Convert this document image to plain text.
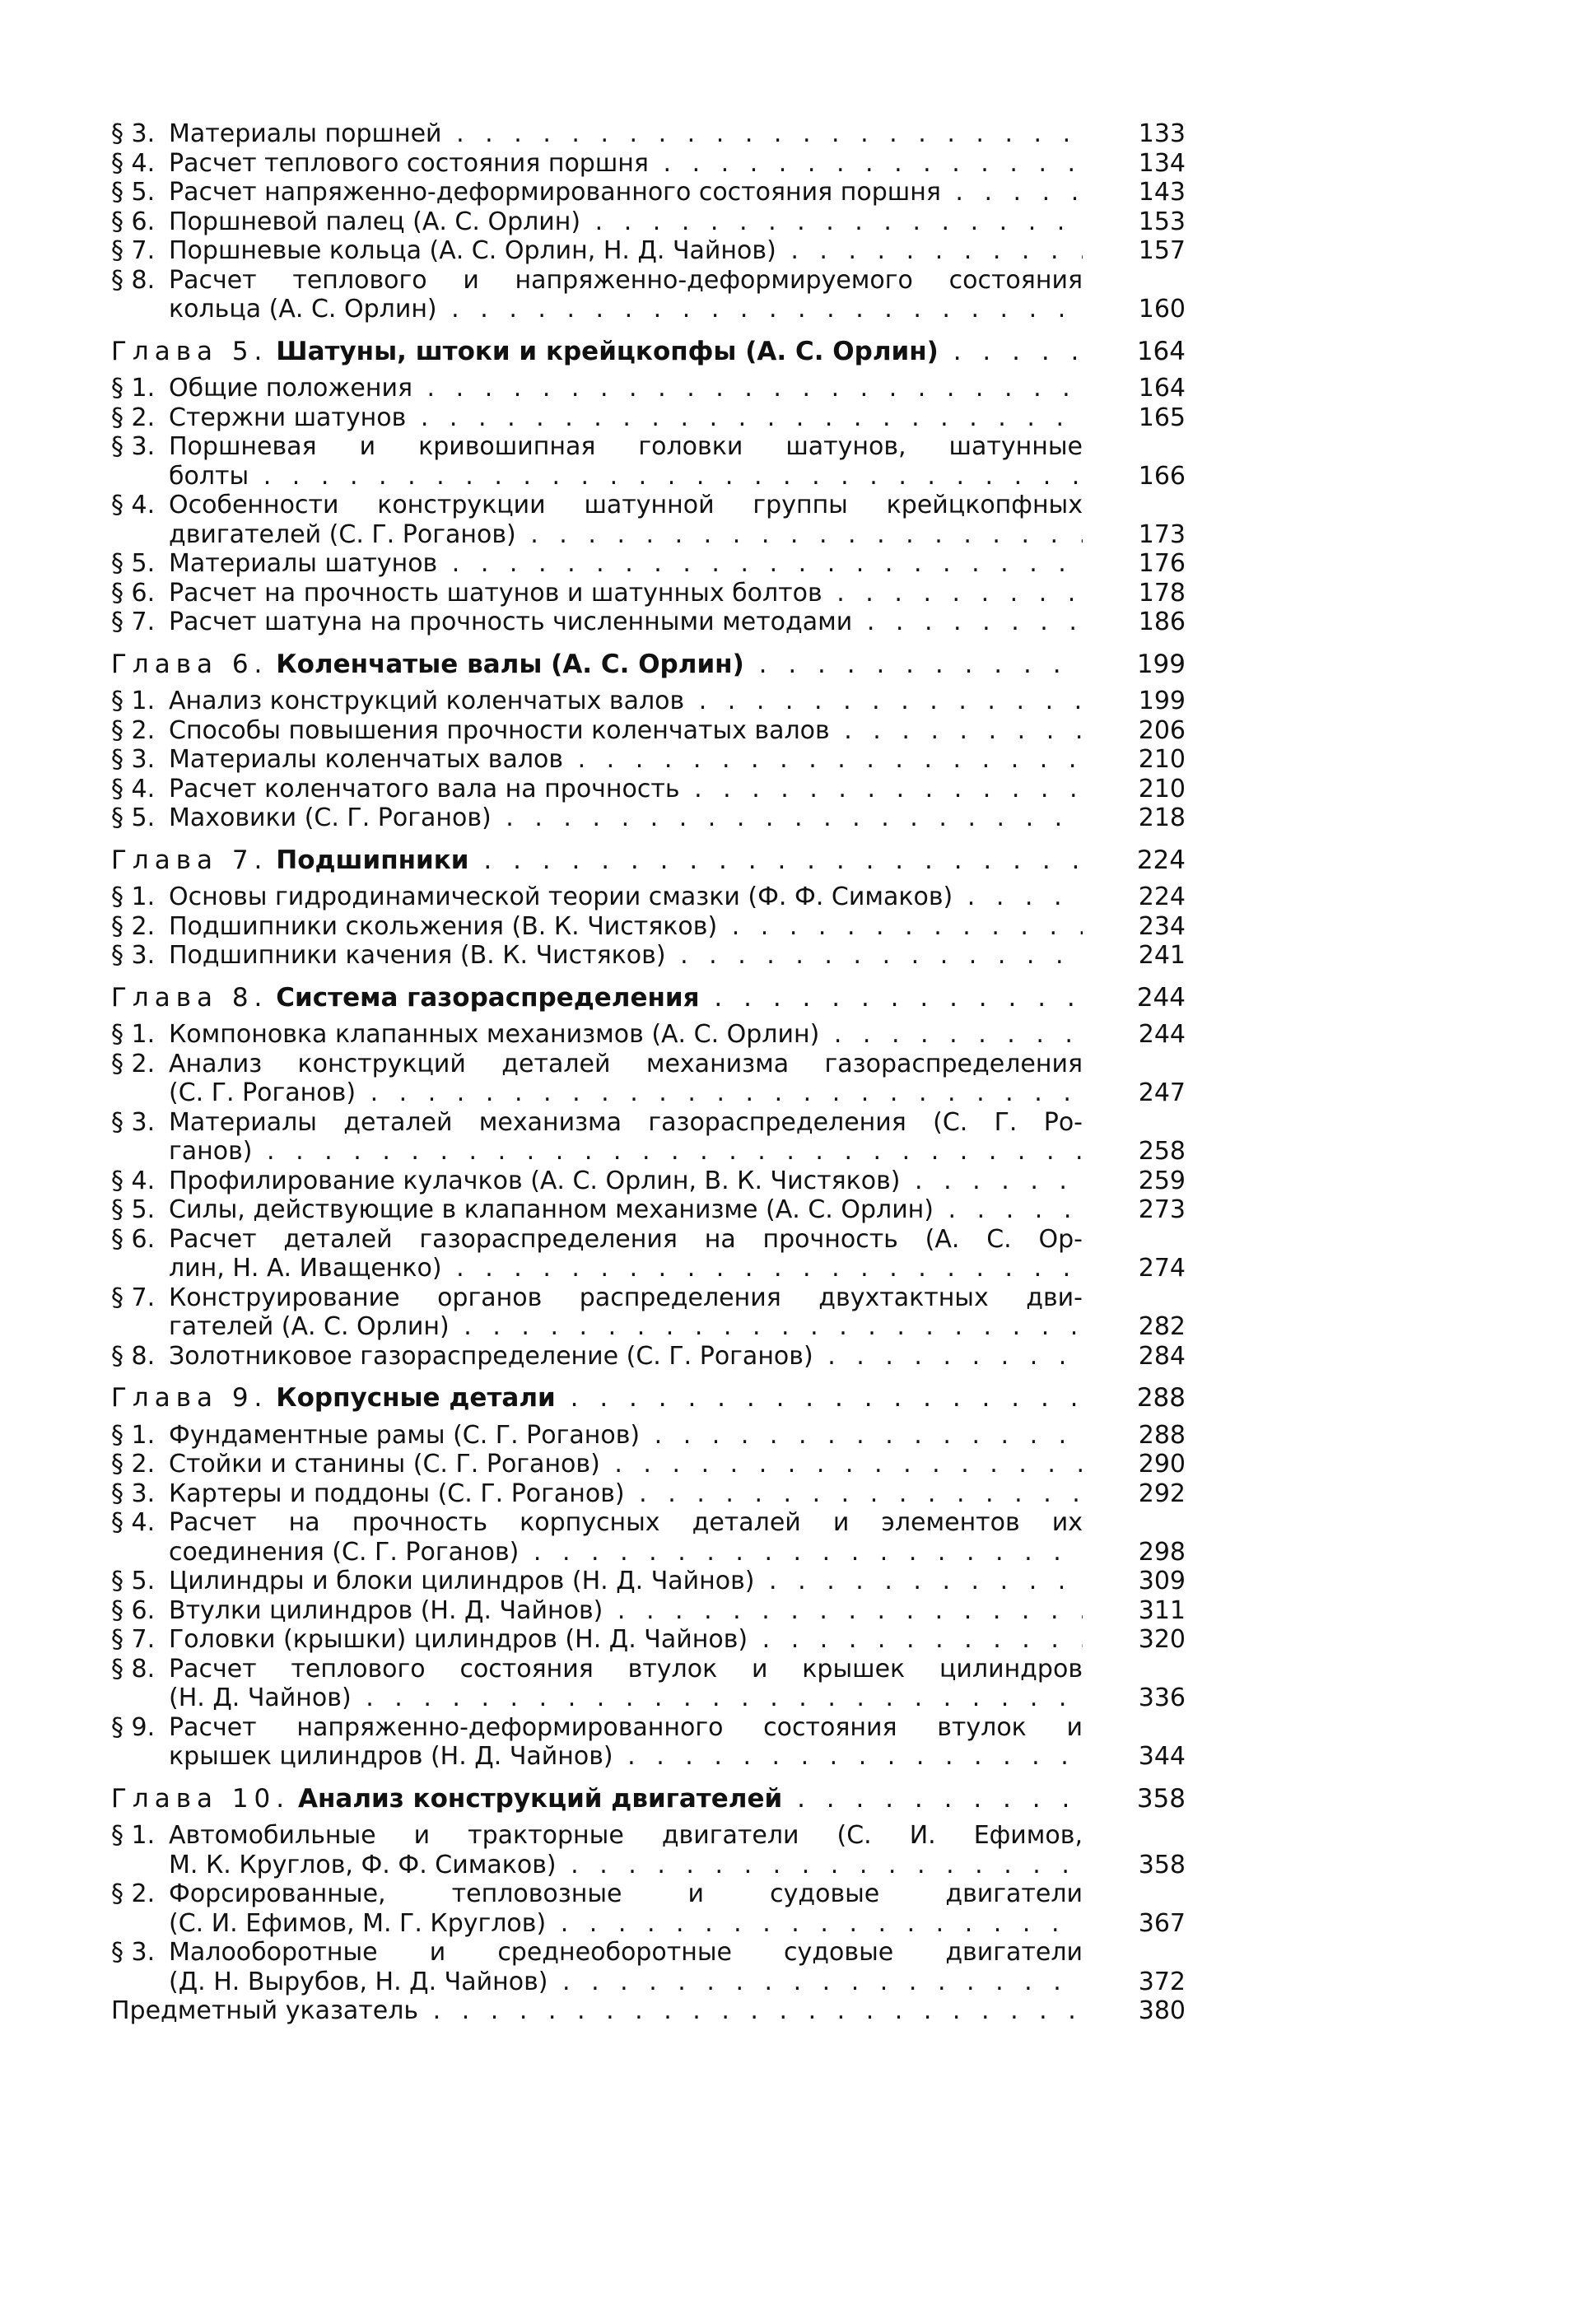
§ 3. Материалы поршней . . .	133
§ 4. Расчет теплового состояния поршня . . .	134
§ 5. Расчет напряженно-деформированного состояния поршня . . .	143
§ 6. Поршневой палец (А. С. Орлин) . . .	153
§ 7. Поршневые кольца (А. С. Орлин, Н. Д. Чайнов) . . .	157
§ 8. Расчет теплового и напряженно-деформируемого состояния
кольца (А. С. Орлин) . . .	160
Глава 5. Шатуны, штоки и крейцкопфы (А. С. Орлин) . . .	164
§ 1. Общие положения . . .	164
§ 2. Стержни шатунов . . .	165
§ 3. Поршневая и кривошипная головки шатунов, шатунные
болты . . .	166
§ 4. Особенности конструкции шатунной группы крейцкопфных
двигателей (С. Г. Роганов) . . .	173
§ 5. Материалы шатунов . . .	176
§ 6. Расчет на прочность шатунов и шатунных болтов . . .	178
§ 7. Расчет шатуна на прочность численными методами . . .	186
Глава 6. Коленчатые валы (А. С. Орлин) . . .	199
§ 1. Анализ конструкций коленчатых валов . . .	199
§ 2. Способы повышения прочности коленчатых валов . . .	206
§ 3. Материалы коленчатых валов . . .	210
§ 4. Расчет коленчатого вала на прочность . . .	210
§ 5. Маховики (С. Г. Роганов) . . .	218
Глава 7. Подшипники . . .	224
§ 1. Основы гидродинамической теории смазки (Ф. Ф. Симаков) . . .	224
§ 2. Подшипники скольжения (В. К. Чистяков) . . .	234
§ 3. Подшипники качения (В. К. Чистяков) . . .	241
Глава 8. Система газораспределения . . .	244
§ 1. Компоновка клапанных механизмов (А. С. Орлин) . . .	244
§ 2. Анализ конструкций деталей механизма газораспределения
(С. Г. Роганов) . . .	247
§ 3. Материалы деталей механизма газораспределения (С. Г. Ро-
ганов) . . .	258
§ 4. Профилирование кулачков (А. С. Орлин, В. К. Чистяков) . . .	259
§ 5. Силы, действующие в клапанном механизме (А. С. Орлин) . . .	273
§ 6. Расчет деталей газораспределения на прочность (А. С. Ор-
лин, Н. А. Иващенко) . . .	274
§ 7. Конструирование органов распределения двухтактных дви-
гателей (А. С. Орлин) . . .	282
§ 8. Золотниковое газораспределение (С. Г. Роганов) . . .	284
Глава 9. Корпусные детали . . .	288
§ 1. Фундаментные рамы (С. Г. Роганов) . . .	288
§ 2. Стойки и станины (С. Г. Роганов) . . .	290
§ 3. Картеры и поддоны (С. Г. Роганов) . . .	292
§ 4. Расчет на прочность корпусных деталей и элементов их
соединения (С. Г. Роганов) . . .	298
§ 5. Цилиндры и блоки цилиндров (Н. Д. Чайнов) . . .	309
§ 6. Втулки цилиндров (Н. Д. Чайнов) . . .	311
§ 7. Головки (крышки) цилиндров (Н. Д. Чайнов) . . .	320
§ 8. Расчет теплового состояния втулок и крышек цилиндров
(Н. Д. Чайнов) . . .	336
§ 9. Расчет напряженно-деформированного состояния втулок и
крышек цилиндров (Н. Д. Чайнов) . . .	344
Глава 10. Анализ конструкций двигателей . . .	358
§ 1. Автомобильные и тракторные двигатели (С. И. Ефимов,
М. К. Круглов, Ф. Ф. Симаков) . . .	358
§ 2. Форсированные, тепловозные и судовые двигатели
(С. И. Ефимов, М. Г. Круглов) . . .	367
§ 3. Малооборотные и среднеоборотные судовые двигатели
(Д. Н. Вырубов, Н. Д. Чайнов) . . .	372
Предметный указатель . . .	380
